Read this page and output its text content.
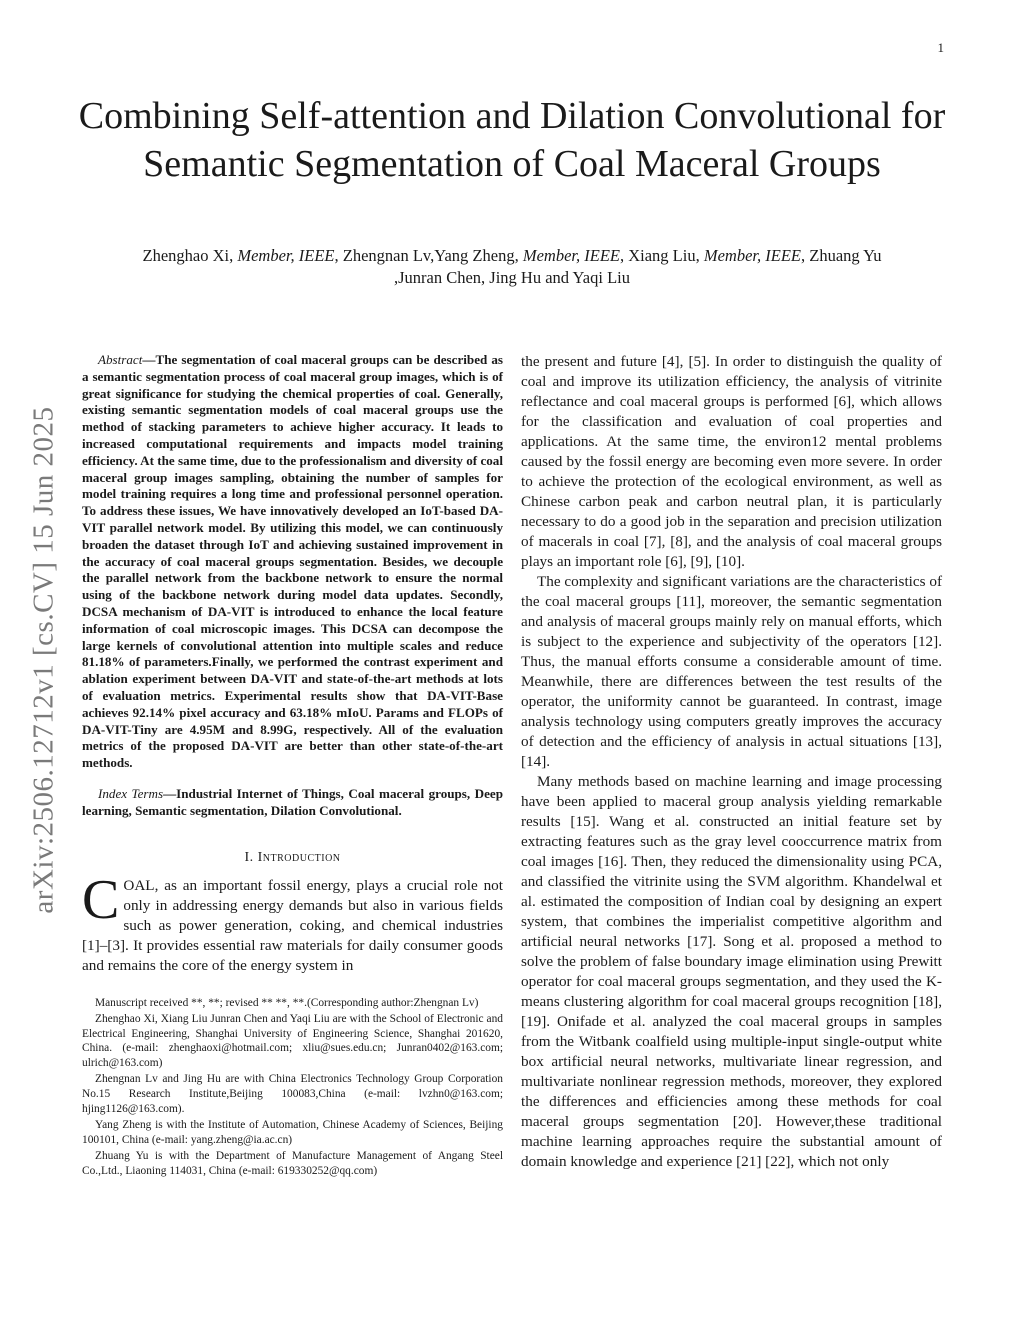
1
arXiv:2506.12712v1 [cs.CV] 15 Jun 2025
Combining Self-attention and Dilation Convolutional for Semantic Segmentation of Coal Maceral Groups
Zhenghao Xi, Member, IEEE, Zhengnan Lv,Yang Zheng, Member, IEEE, Xiang Liu, Member, IEEE, Zhuang Yu
,Junran Chen, Jing Hu and Yaqi Liu

Abstract—The segmentation of coal maceral groups can be described as a semantic segmentation process of coal maceral group images, which is of great significance for studying the chemical properties of coal. Generally, existing semantic segmentation models of coal maceral groups use the method of stacking parameters to achieve higher accuracy. It leads to increased computational requirements and impacts model training efficiency. At the same time, due to the professionalism and diversity of coal maceral group images sampling, obtaining the number of samples for model training requires a long time and professional personnel operation. To address these issues, We have innovatively developed an IoT-based DA-VIT parallel network model. By utilizing this model, we can continuously broaden the dataset through IoT and achieving sustained improvement in the accuracy of coal maceral groups segmentation. Besides, we decouple the parallel network from the backbone network to ensure the normal using of the backbone network during model data updates. Secondly, DCSA mechanism of DA-VIT is introduced to enhance the local feature information of coal microscopic images. This DCSA can decompose the large kernels of convolutional attention into multiple scales and reduce 81.18% of parameters.Finally, we performed the contrast experiment and ablation experiment between DA-VIT and state-of-the-art methods at lots of evaluation metrics. Experimental results show that DA-VIT-Base achieves 92.14% pixel accuracy and 63.18% mIoU. Params and FLOPs of DA-VIT-Tiny are 4.95M and 8.99G, respectively. All of the evaluation metrics of the proposed DA-VIT are better than other state-of-the-art methods.

Index Terms—Industrial Internet of Things, Coal maceral groups, Deep learning, Semantic segmentation, Dilation Convolutional.

I. Introduction

COAL, as an important fossil energy, plays a crucial role not only in addressing energy demands but also in various fields such as power generation, coking, and chemical industries [1]–[3]. It provides essential raw materials for daily consumer goods and remains the core of the energy system in

Manuscript received **, **; revised ** **, **.(Corresponding author:Zhengnan Lv)

Zhenghao Xi, Xiang Liu Junran Chen and Yaqi Liu are with the School of Electronic and Electrical Engineering, Shanghai University of Engineering Science, Shanghai 201620, China. (e-mail: zhenghaoxi@hotmail.com; xliu@sues.edu.cn; Junran0402@163.com; ulrich@163.com)

Zhengnan Lv and Jing Hu are with China Electronics Technology Group Corporation No.15 Research Institute,Beijing 100083,China (e-mail: lvzhn0@163.com; hjing1126@163.com).

Yang Zheng is with the Institute of Automation, Chinese Academy of Sciences, Beijing 100101, China (e-mail: yang.zheng@ia.ac.cn)

Zhuang Yu is with the Department of Manufacture Management of Angang Steel Co.,Ltd., Liaoning 114031, China (e-mail: 619330252@qq.com)

the present and future [4], [5]. In order to distinguish the quality of coal and improve its utilization efficiency, the analysis of vitrinite reflectance and coal maceral groups is performed [6], which allows for the classification and evaluation of coal properties and applications. At the same time, the environ12 mental problems caused by the fossil energy are becoming even more severe. In order to achieve the protection of the ecological environment, as well as Chinese carbon peak and carbon neutral plan, it is particularly necessary to do a good job in the separation and precision utilization of macerals in coal [7], [8], and the analysis of coal maceral groups plays an important role [6], [9], [10].

The complexity and significant variations are the characteristics of the coal maceral groups [11], moreover, the semantic segmentation and analysis of maceral groups mainly rely on manual efforts, which is subject to the experience and subjectivity of the operators [12]. Thus, the manual efforts consume a considerable amount of time. Meanwhile, there are differences between the test results of the operator, the uniformity cannot be guaranteed. In contrast, image analysis technology using computers greatly improves the accuracy of detection and the efficiency of analysis in actual situations [13], [14].

Many methods based on machine learning and image processing have been applied to maceral group analysis yielding remarkable results [15]. Wang et al. constructed an initial feature set by extracting features such as the gray level cooccurrence matrix from coal images [16]. Then, they reduced the dimensionality using PCA, and classified the vitrinite using the SVM algorithm. Khandelwal et al. estimated the composition of Indian coal by designing an expert system, that combines the imperialist competitive algorithm and artificial neural networks [17]. Song et al. proposed a method to solve the problem of false boundary image elimination using Prewitt operator for coal maceral groups segmentation, and they used the K-means clustering algorithm for coal maceral groups recognition [18], [19]. Onifade et al. analyzed the coal maceral groups in samples from the Witbank coalfield using multiple-input single-output white box artificial neural networks, multivariate linear regression, and multivariate nonlinear regression methods, moreover, they explored the differences and efficiencies among these methods for coal maceral groups segmentation [20]. However,these traditional machine learning approaches require the substantial amount of domain knowledge and experience [21] [22], which not only
